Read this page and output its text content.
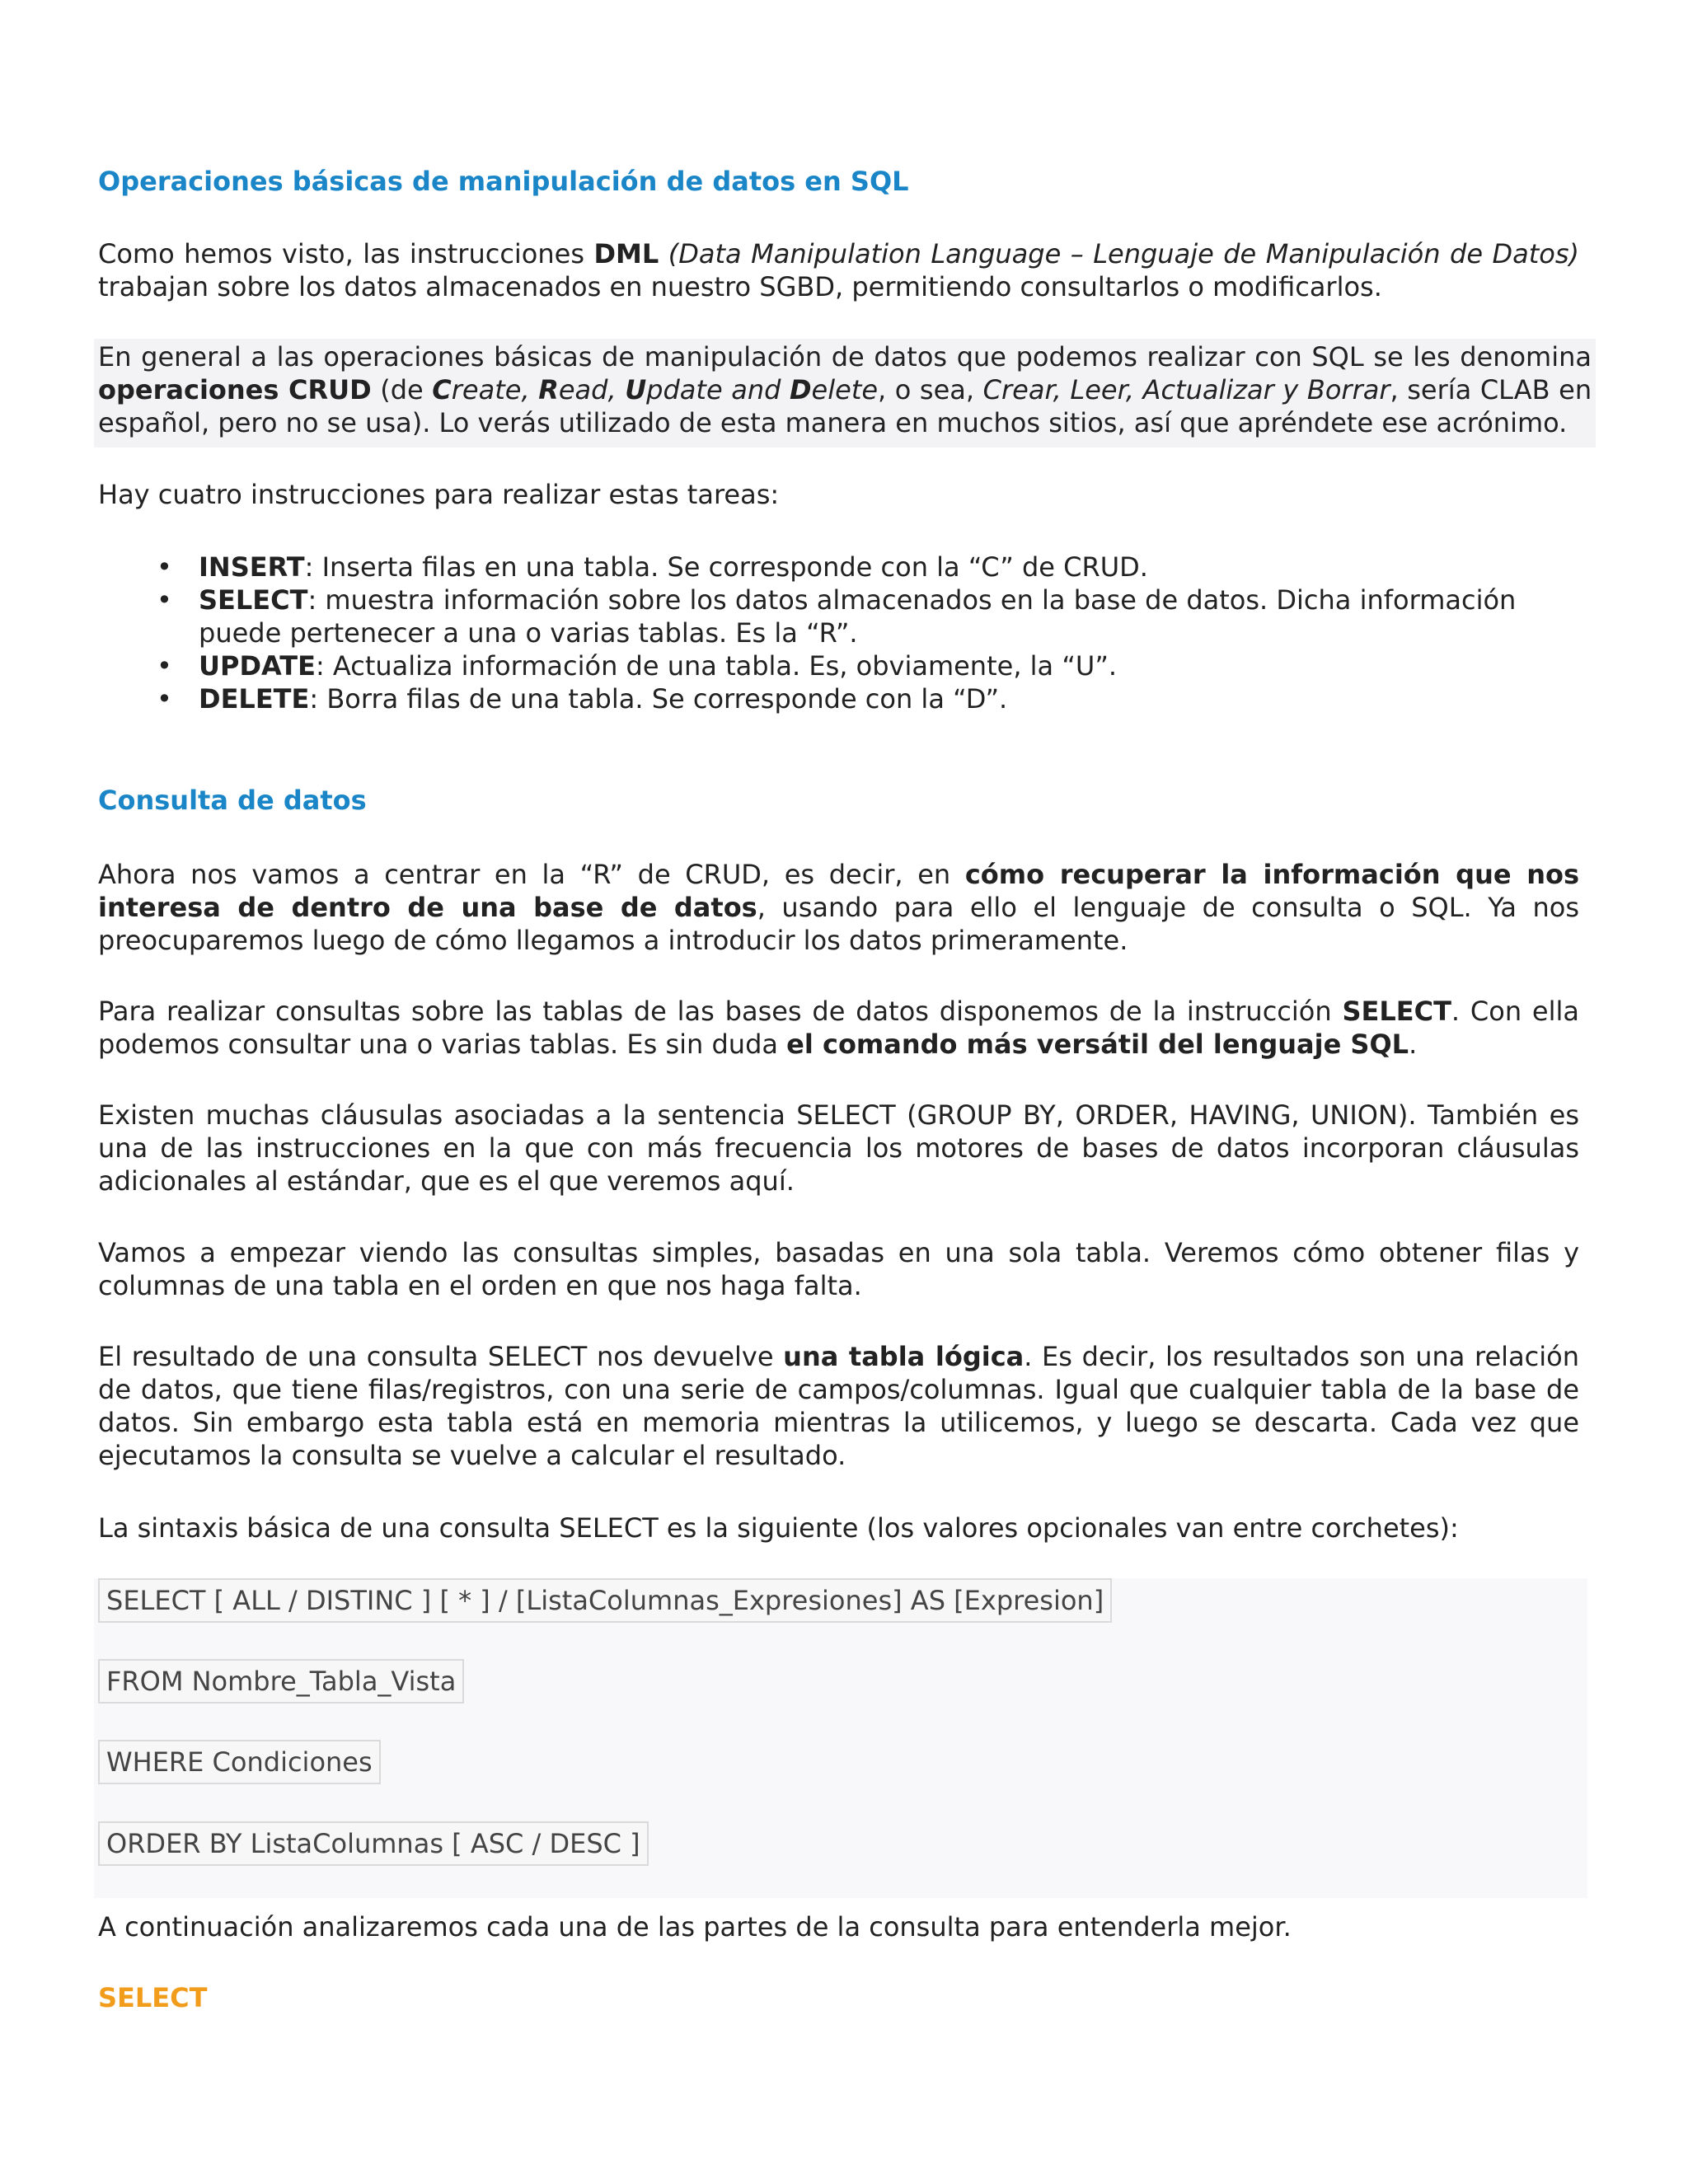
Operaciones básicas de manipulación de datos en SQL

Como hemos visto, las instrucciones DML (Data Manipulation Language – Lenguaje de Manipulación de Datos) trabajan sobre los datos almacenados en nuestro SGBD, permitiendo consultarlos o modificarlos.

En general a las operaciones básicas de manipulación de datos que podemos realizar con SQL se les denomina operaciones CRUD (de Create, Read, Update and Delete, o sea, Crear, Leer, Actualizar y Borrar, sería CLAB en español, pero no se usa). Lo verás utilizado de esta manera en muchos sitios, así que apréndete ese acrónimo.

Hay cuatro instrucciones para realizar estas tareas:

• INSERT: Inserta filas en una tabla. Se corresponde con la “C” de CRUD.
• SELECT: muestra información sobre los datos almacenados en la base de datos. Dicha información puede pertenecer a una o varias tablas. Es la “R”.
• UPDATE: Actualiza información de una tabla. Es, obviamente, la “U”.
• DELETE: Borra filas de una tabla. Se corresponde con la “D”.
Consulta de datos

Ahora nos vamos a centrar en la “R” de CRUD, es decir, en cómo recuperar la información que nos interesa de dentro de una base de datos, usando para ello el lenguaje de consulta o SQL. Ya nos preocuparemos luego de cómo llegamos a introducir los datos primeramente.

Para realizar consultas sobre las tablas de las bases de datos disponemos de la instrucción SELECT. Con ella podemos consultar una o varias tablas. Es sin duda el comando más versátil del lenguaje SQL.

Existen muchas cláusulas asociadas a la sentencia SELECT (GROUP BY, ORDER, HAVING, UNION). También es una de las instrucciones en la que con más frecuencia los motores de bases de datos incorporan cláusulas adicionales al estándar, que es el que veremos aquí.

Vamos a empezar viendo las consultas simples, basadas en una sola tabla. Veremos cómo obtener filas y columnas de una tabla en el orden en que nos haga falta.

El resultado de una consulta SELECT nos devuelve una tabla lógica. Es decir, los resultados son una relación de datos, que tiene filas/registros, con una serie de campos/columnas. Igual que cualquier tabla de la base de datos. Sin embargo esta tabla está en memoria mientras la utilicemos, y luego se descarta. Cada vez que ejecutamos la consulta se vuelve a calcular el resultado.

La sintaxis básica de una consulta SELECT es la siguiente (los valores opcionales van entre corchetes):

SELECT [ ALL / DISTINC ] [ * ] / [ListaColumnas_Expresiones] AS [Expresion]
FROM Nombre_Tabla_Vista
WHERE Condiciones
ORDER BY ListaColumnas [ ASC / DESC ]

A continuación analizaremos cada una de las partes de la consulta para entenderla mejor.

SELECT
